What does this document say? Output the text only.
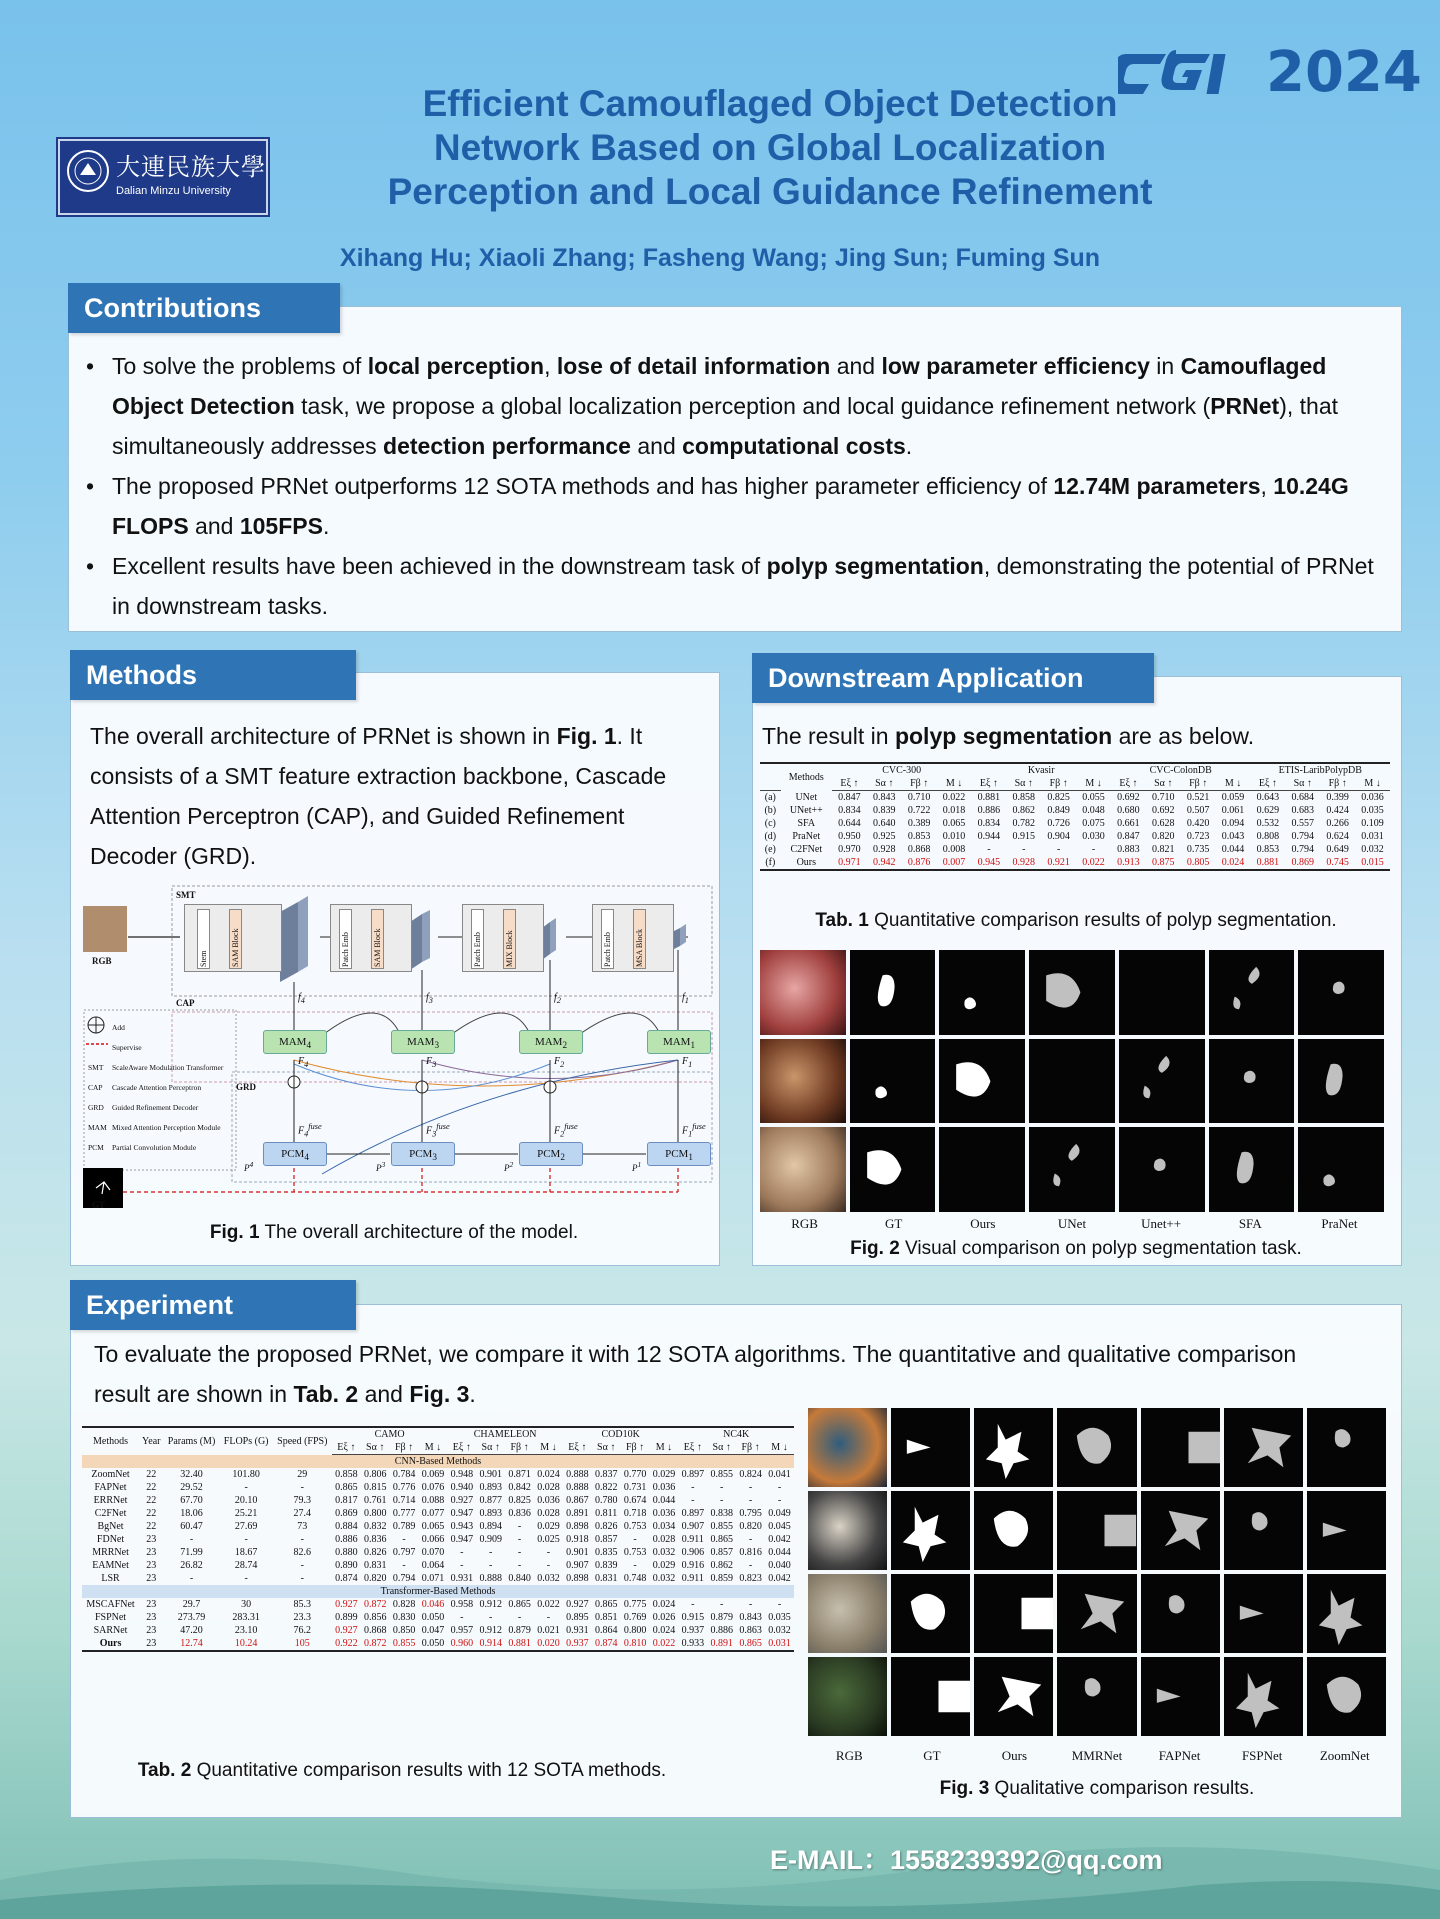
2024
大連民族大學
Dalian Minzu University
Efficient Camouflaged Object Detection
Network Based on Global Localization
Perception and Local Guidance Refinement
Xihang Hu; Xiaoli Zhang; Fasheng Wang; Jing Sun; Fuming Sun
Contributions
• To solve the problems of local perception, lose of detail information and low parameter efficiency in Camouflaged Object Detection task, we propose a global localization perception and local guidance refinement network (PRNet), that simultaneously addresses detection performance and computational costs.
• The proposed PRNet outperforms 12 SOTA methods and has higher parameter efficiency of 12.74M parameters, 10.24G FLOPS and 105FPS.
• Excellent results have been achieved in the downstream task of polyp segmentation, demonstrating the potential of PRNet in downstream tasks.
Methods
The overall architecture of PRNet is shown in Fig. 1. It consists of a SMT feature extraction backbone, Cascade Attention Perceptron (CAP), and Guided Refinement Decoder (GRD).
SMT
CAP
GRD
RGB
GT
Stem	SAM Block	Patch Emb	SAM Block	Patch Emb	MIX Block	Patch Emb	MSA Block
$MAM_4$	$MAM_3$	$MAM_2$	$MAM_1$
$PCM_4$	$PCM_3$	$PCM_2$	$PCM_1$
$f_4$	$f_3$	$f_2$	$f_1$
$F_4$	$F_3$	$F_2$	$F_1$
$F_4^{fuse}$	$F_3^{fuse}$	$F_2^{fuse}$	$F_1^{fuse}$
$P^4$	$P^3$	$P^2$	$P^1$
Add
Supervise
SMT ScaleAware Modulation Transformer
CAP Cascade Attention Perceptron
GRD Guided Refinement Decoder
MAM Mixed Attention Perception Module
PCM Partial Convolution Module
Fig. 1 The overall architecture of the model.
Downstream Application
The result in polyp segmentation are as below.
	Methods	CVC-300				Kvasir				CVC-ColonDB				ETIS-LaribPolypDB			
		Eξ ↑	Sα ↑	Fβ ↑	M ↓	Eξ ↑	Sα ↑	Fβ ↑	M ↓	Eξ ↑	Sα ↑	Fβ ↑	M ↓	Eξ ↑	Sα ↑	Fβ ↑	M ↓
(a)	UNet	0.847	0.843	0.710	0.022	0.881	0.858	0.825	0.055	0.692	0.710	0.521	0.059	0.643	0.684	0.399	0.036
(b)	UNet++	0.834	0.839	0.722	0.018	0.886	0.862	0.849	0.048	0.680	0.692	0.507	0.061	0.629	0.683	0.424	0.035
(c)	SFA	0.644	0.640	0.389	0.065	0.834	0.782	0.726	0.075	0.661	0.628	0.420	0.094	0.532	0.557	0.266	0.109
(d)	PraNet	0.950	0.925	0.853	0.010	0.944	0.915	0.904	0.030	0.847	0.820	0.723	0.043	0.808	0.794	0.624	0.031
(e)	C2FNet	0.970	0.928	0.868	0.008	-	-	-	-	0.883	0.821	0.735	0.044	0.853	0.794	0.649	0.032
(f)	Ours	0.971	0.942	0.876	0.007	0.945	0.928	0.921	0.022	0.913	0.875	0.805	0.024	0.881	0.869	0.745	0.015
Tab. 1 Quantitative comparison results of polyp segmentation.
RGB	GT	Ours	UNet	Unet++	SFA	PraNet
Fig. 2 Visual comparison on polyp segmentation task.
Experiment
To evaluate the proposed PRNet, we compare it with 12 SOTA algorithms. The quantitative and qualitative comparison result are shown in Tab. 2 and Fig. 3.
Methods	Year	Params (M)	FLOPs (G)	Speed (FPS)	CAMO				CHAMELEON				COD10K				NC4K			
					Eξ ↑	Sα ↑	Fβ ↑	M ↓	Eξ ↑	Sα ↑	Fβ ↑	M ↓	Eξ ↑	Sα ↑	Fβ ↑	M ↓	Eξ ↑	Sα ↑	Fβ ↑	M ↓
CNN-Based Methods																				
ZoomNet	22	32.40	101.80	29	0.858	0.806	0.784	0.069	0.948	0.901	0.871	0.024	0.888	0.837	0.770	0.029	0.897	0.855	0.824	0.041
FAPNet	22	29.52	-	-	0.865	0.815	0.776	0.076	0.940	0.893	0.842	0.028	0.888	0.822	0.731	0.036	-	-	-	-
ERRNet	22	67.70	20.10	79.3	0.817	0.761	0.714	0.088	0.927	0.877	0.825	0.036	0.867	0.780	0.674	0.044	-	-	-	-
C2FNet	22	18.06	25.21	27.4	0.869	0.800	0.777	0.077	0.947	0.893	0.836	0.028	0.891	0.811	0.718	0.036	0.897	0.838	0.795	0.049
BgNet	22	60.47	27.69	73	0.884	0.832	0.789	0.065	0.943	0.894	-	0.029	0.898	0.826	0.753	0.034	0.907	0.855	0.820	0.045
FDNet	23	-	-	-	0.886	0.836	-	0.066	0.947	0.909	-	0.025	0.918	0.857	-	0.028	0.911	0.865	-	0.042
MRRNet	23	71.99	18.67	82.6	0.880	0.826	0.797	0.070	-	-	-	-	0.901	0.835	0.753	0.032	0.906	0.857	0.816	0.044
EAMNet	23	26.82	28.74	-	0.890	0.831	-	0.064	-	-	-	-	0.907	0.839	-	0.029	0.916	0.862	-	0.040
LSR	23	-	-	-	0.874	0.820	0.794	0.071	0.931	0.888	0.840	0.032	0.898	0.831	0.748	0.032	0.911	0.859	0.823	0.042
Transformer-Based Methods																				
MSCAFNet	23	29.7	30	85.3	0.927	0.872	0.828	0.046	0.958	0.912	0.865	0.022	0.927	0.865	0.775	0.024	-	-	-	-
FSPNet	23	273.79	283.31	23.3	0.899	0.856	0.830	0.050	-	-	-	-	0.895	0.851	0.769	0.026	0.915	0.879	0.843	0.035
SARNet	23	47.20	23.10	76.2	0.927	0.868	0.850	0.047	0.957	0.912	0.879	0.021	0.931	0.864	0.800	0.024	0.937	0.886	0.863	0.032
Ours	23	12.74	10.24	105	0.922	0.872	0.855	0.050	0.960	0.914	0.881	0.020	0.937	0.874	0.810	0.022	0.933	0.891	0.865	0.031
Tab. 2 Quantitative comparison results with 12 SOTA methods.
RGB	GT	Ours	MMRNet	FAPNet	FSPNet	ZoomNet
Fig. 3 Qualitative comparison results.
E-MAIL：1558239392@qq.com
